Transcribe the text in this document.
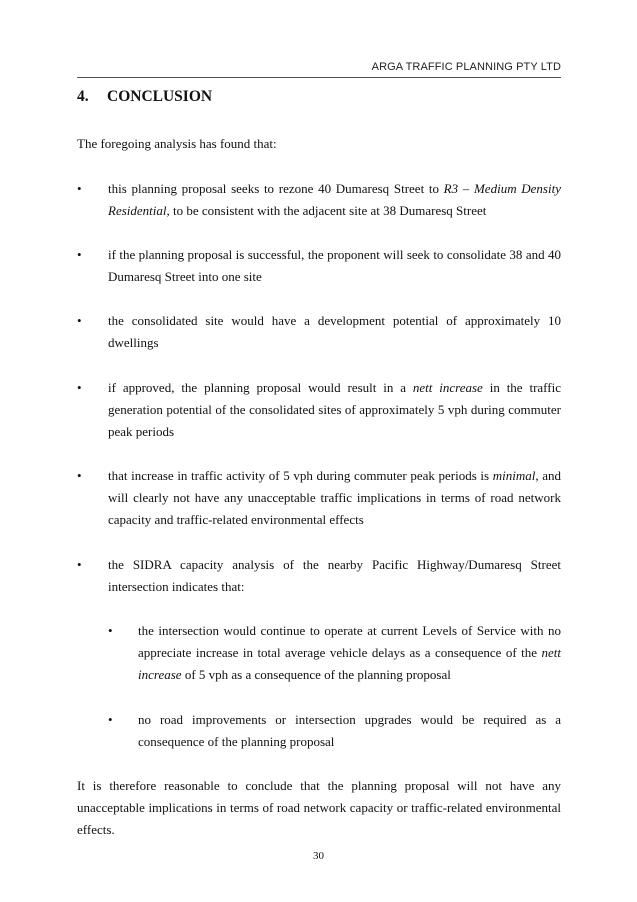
ARGA TRAFFIC PLANNING PTY LTD
4. CONCLUSION

The foregoing analysis has found that:

• this planning proposal seeks to rezone 40 Dumaresq Street to R3 – Medium Density Residential, to be consistent with the adjacent site at 38 Dumaresq Street

• if the planning proposal is successful, the proponent will seek to consolidate 38 and 40 Dumaresq Street into one site

• the consolidated site would have a development potential of approximately 10 dwellings

• if approved, the planning proposal would result in a nett increase in the traffic generation potential of the consolidated sites of approximately 5 vph during commuter peak periods

• that increase in traffic activity of 5 vph during commuter peak periods is minimal, and will clearly not have any unacceptable traffic implications in terms of road network capacity and traffic-related environmental effects

• the SIDRA capacity analysis of the nearby Pacific Highway/Dumaresq Street intersection indicates that:

• the intersection would continue to operate at current Levels of Service with no appreciate increase in total average vehicle delays as a consequence of the nett increase of 5 vph as a consequence of the planning proposal

• no road improvements or intersection upgrades would be required as a consequence of the planning proposal

It is therefore reasonable to conclude that the planning proposal will not have any unacceptable implications in terms of road network capacity or traffic-related environmental effects.

30
